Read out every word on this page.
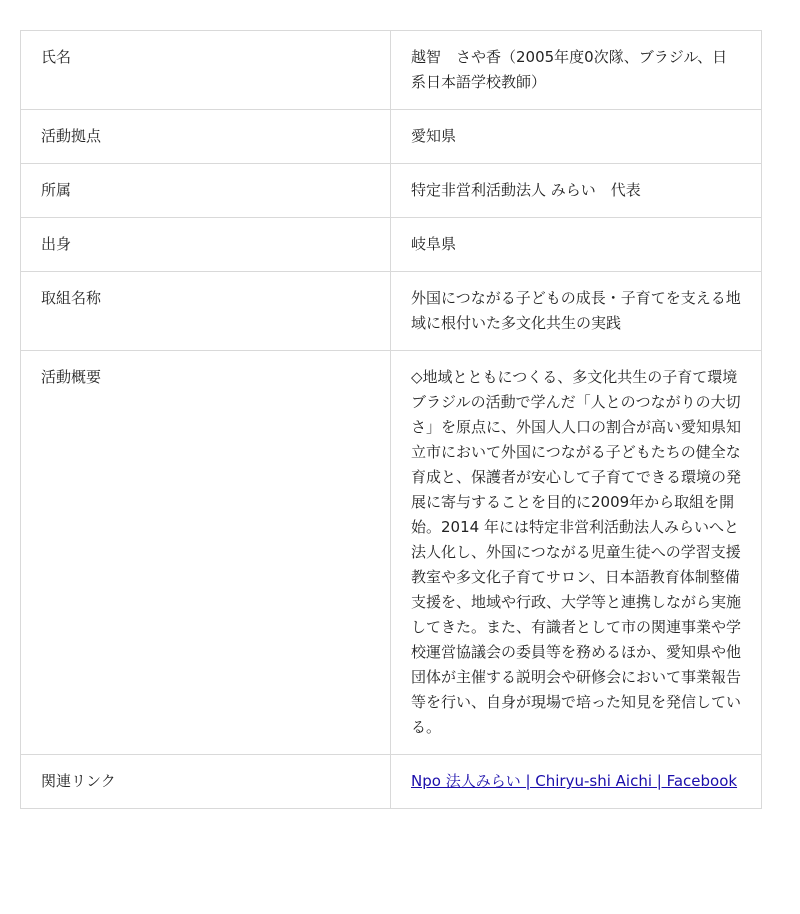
氏名	越智　さや香（2005年度0次隊、ブラジル、日系日本語学校教師）
活動拠点	愛知県
所属	特定非営利活動法人 みらい　代表
出身	岐阜県
取組名称	外国につながる子どもの成長・子育てを支える地域に根付いた多文化共生の実践
活動概要	◇地域とともにつくる、多文化共生の子育て環境
ブラジルの活動で学んだ「人とのつながりの大切さ」を原点に、外国人人口の割合が高い愛知県知立市において外国につながる子どもたちの健全な育成と、保護者が安心して子育てできる環境の発展に寄与することを目的に2009年から取組を開始。2014 年には特定非営利活動法人みらいへと法人化し、外国につながる児童生徒への学習支援教室や多文化子育てサロン、日本語教育体制整備支援を、地域や行政、大学等と連携しながら実施してきた。また、有識者として市の関連事業や学校運営協議会の委員等を務めるほか、愛知県や他団体が主催する説明会や研修会において事業報告等を行い、自身が現場で培った知見を発信している。

関連リンク	Npo 法人みらい | Chiryu-shi Aichi | Facebook
